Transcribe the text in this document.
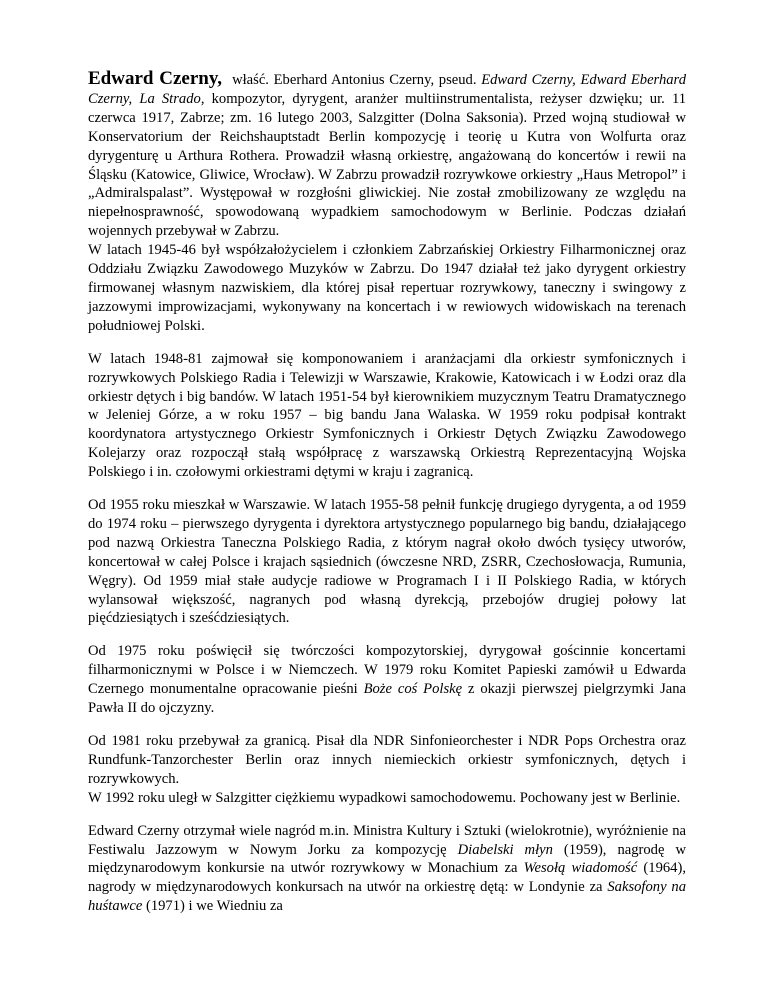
Edward Czerny, właść. Eberhard Antonius Czerny, pseud. Edward Czerny, Edward Eberhard Czerny, La Strado, kompozytor, dyrygent, aranżer multiinstrumentalista, reżyser dzwięku; ur. 11 czerwca 1917, Zabrze; zm. 16 lutego 2003, Salzgitter (Dolna Saksonia). Przed wojną studiował w Konservatorium der Reichshauptstadt Berlin kompozycję i teorię u Kutra von Wolfurta oraz dyrygenturę u Arthura Rothera. Prowadził własną orkiestrę, angażowaną do koncertów i rewii na Śląsku (Katowice, Gliwice, Wrocław). W Zabrzu prowadził rozrywkowe orkiestry „Haus Metropol” i „Admiralspalast”. Występował w rozgłośni gliwickiej. Nie został zmobilizowany ze względu na niepełnosprawność, spowodowaną wypadkiem samochodowym w Berlinie. Podczas działań wojennych przebywał w Zabrzu.

W latach 1945-46 był współzałożycielem i członkiem Zabrzańskiej Orkiestry Filharmonicznej oraz Oddziału Związku Zawodowego Muzyków w Zabrzu. Do 1947 działał też jako dyrygent orkiestry firmowanej własnym nazwiskiem, dla której pisał repertuar rozrywkowy, taneczny i swingowy z jazzowymi improwizacjami, wykonywany na koncertach i w rewiowych widowiskach na terenach południowej Polski.

W latach 1948-81 zajmował się komponowaniem i aranżacjami dla orkiestr symfonicznych i rozrywkowych Polskiego Radia i Telewizji w Warszawie, Krakowie, Katowicach i w Łodzi oraz dla orkiestr dętych i big bandów. W latach 1951-54 był kierownikiem muzycznym Teatru Dramatycznego w Jeleniej Górze, a w roku 1957 – big bandu Jana Walaska. W 1959 roku podpisał kontrakt koordynatora artystycznego Orkiestr Symfonicznych i Orkiestr Dętych Związku Zawodowego Kolejarzy oraz rozpoczął stałą współpracę z warszawską Orkiestrą Reprezentacyjną Wojska Polskiego i in. czołowymi orkiestrami dętymi w kraju i zagranicą.

Od 1955 roku mieszkał w Warszawie. W latach 1955-58 pełnił funkcję drugiego dyrygenta, a od 1959 do 1974 roku – pierwszego dyrygenta i dyrektora artystycznego popularnego big bandu, działającego pod nazwą Orkiestra Taneczna Polskiego Radia, z którym nagrał około dwóch tysięcy utworów, koncertował w całej Polsce i krajach sąsiednich (ówczesne NRD, ZSRR, Czechosłowacja, Rumunia, Węgry). Od 1959 miał stałe audycje radiowe w Programach I i II Polskiego Radia, w których wylansował większość, nagranych pod własną dyrekcją, przebojów drugiej połowy lat pięćdziesiątych i sześćdziesiątych.

Od 1975 roku poświęcił się twórczości kompozytorskiej, dyrygował gościnnie koncertami filharmonicznymi w Polsce i w Niemczech. W 1979 roku Komitet Papieski zamówił u Edwarda Czernego monumentalne opracowanie pieśni Boże coś Polskę z okazji pierwszej pielgrzymki Jana Pawła II do ojczyzny.

Od 1981 roku przebywał za granicą. Pisał dla NDR Sinfonieorchester i NDR Pops Orchestra oraz Rundfunk-Tanzorchester Berlin oraz innych niemieckich orkiestr symfonicznych, dętych i rozrywkowych.

W 1992 roku uległ w Salzgitter ciężkiemu wypadkowi samochodowemu. Pochowany jest w Berlinie.

Edward Czerny otrzymał wiele nagród m.in. Ministra Kultury i Sztuki (wielokrotnie), wyróżnienie na Festiwalu Jazzowym w Nowym Jorku za kompozycję Diabelski młyn (1959), nagrodę w międzynarodowym konkursie na utwór rozrywkowy w Monachium za Wesołą wiadomość (1964), nagrody w międzynarodowych konkursach na utwór na orkiestrę dętą: w Londynie za Saksofony na huśtawce (1971) i we Wiedniu za
